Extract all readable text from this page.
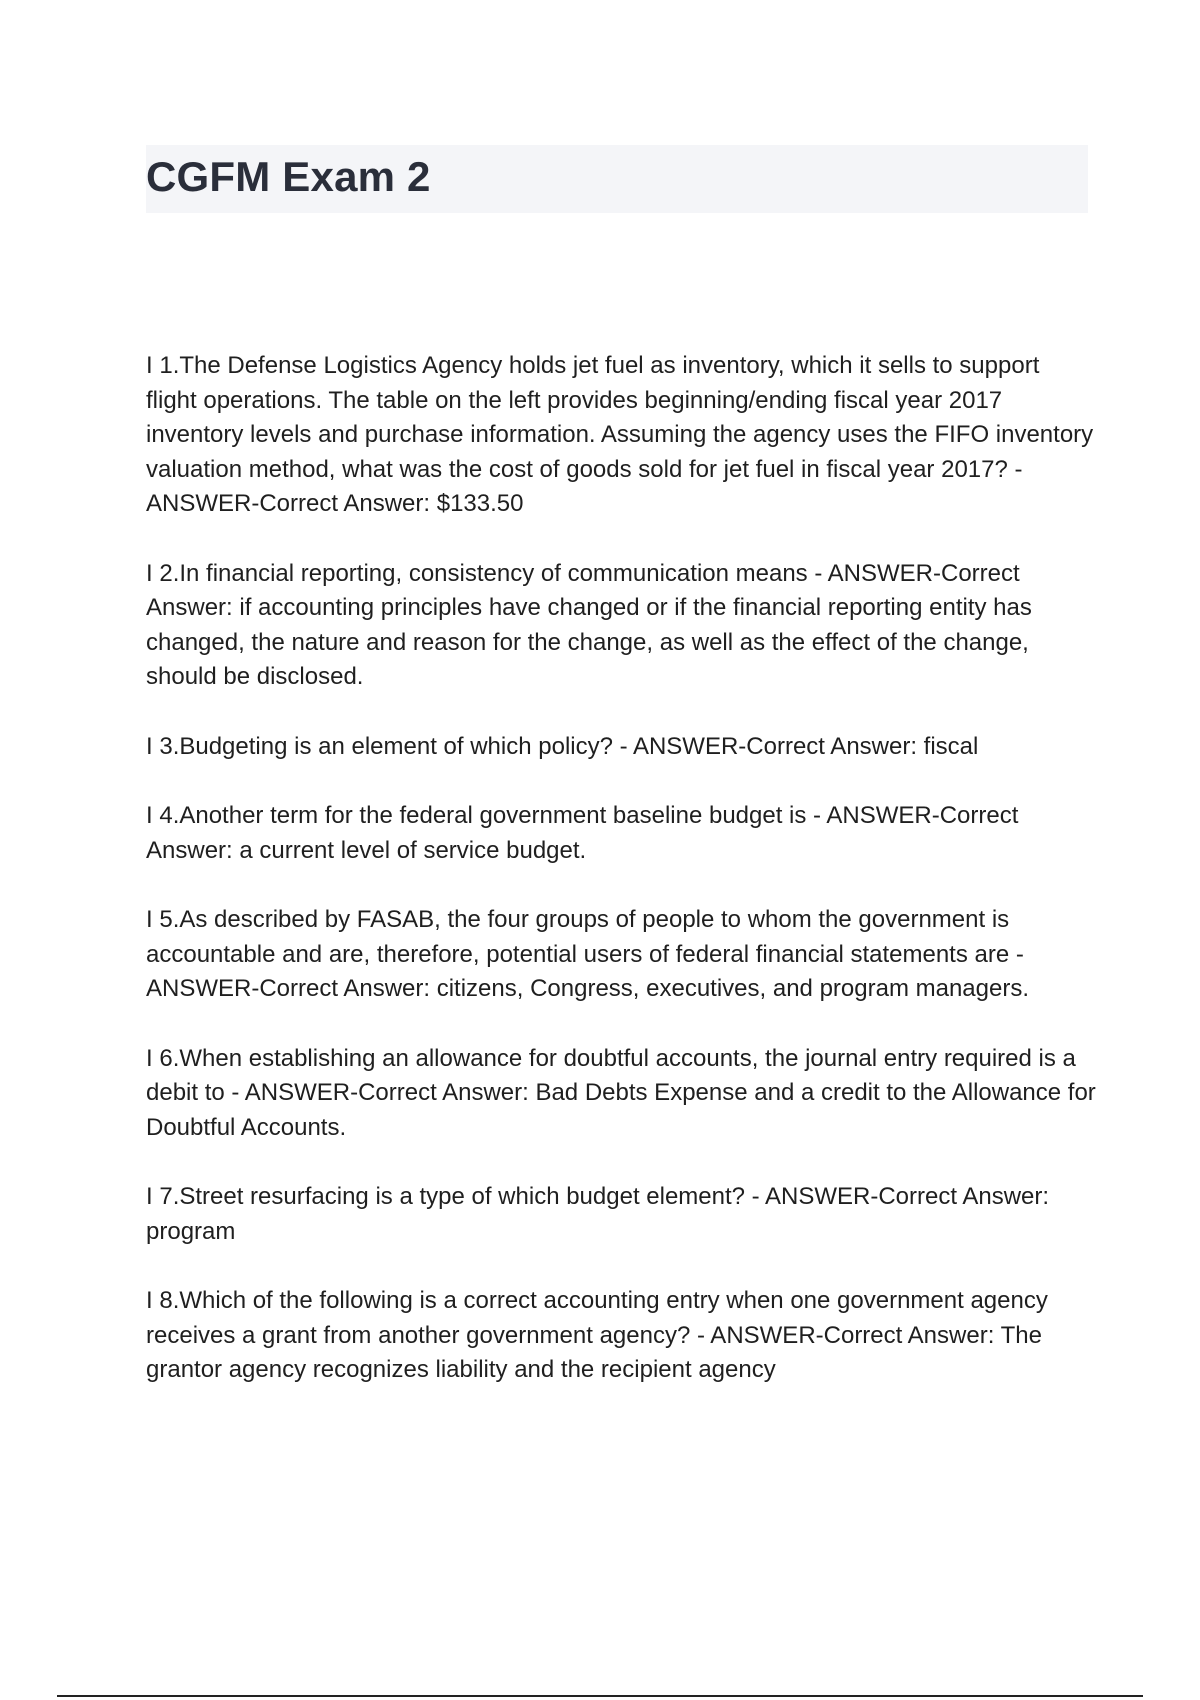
CGFM Exam 2
I 1.The Defense Logistics Agency holds jet fuel as inventory, which it sells to support flight operations. The table on the left provides beginning/ending fiscal year 2017 inventory levels and purchase information. Assuming the agency uses the FIFO inventory valuation method, what was the cost of goods sold for jet fuel in fiscal year 2017? - ANSWER-Correct Answer: $133.50
I 2.In financial reporting, consistency of communication means - ANSWER-Correct Answer: if accounting principles have changed or if the financial reporting entity has changed, the nature and reason for the change, as well as the effect of the change, should be disclosed.
I 3.Budgeting is an element of which policy? - ANSWER-Correct Answer: fiscal
I 4.Another term for the federal government baseline budget is - ANSWER-Correct Answer: a current level of service budget.
I 5.As described by FASAB, the four groups of people to whom the government is accountable and are, therefore, potential users of federal financial statements are - ANSWER-Correct Answer: citizens, Congress, executives, and program managers.
I 6.When establishing an allowance for doubtful accounts, the journal entry required is a debit to - ANSWER-Correct Answer: Bad Debts Expense and a credit to the Allowance for Doubtful Accounts.
I 7.Street resurfacing is a type of which budget element? - ANSWER-Correct Answer: program
I 8.Which of the following is a correct accounting entry when one government agency receives a grant from another government agency? - ANSWER-Correct Answer: The grantor agency recognizes liability and the recipient agency
